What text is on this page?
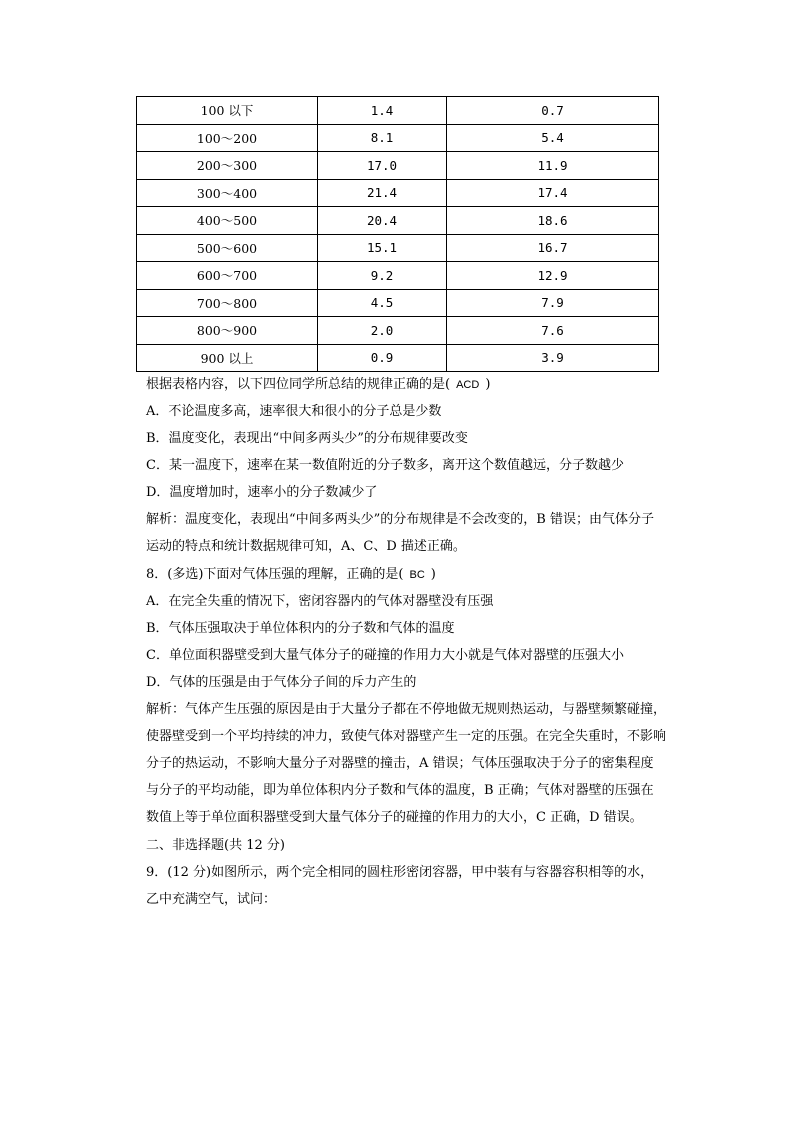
100 以下	1.4	0.7
100～200	8.1	5.4
200～300	17.0	11.9
300～400	21.4	17.4
400～500	20.4	18.6
500～600	15.1	16.7
600～700	9.2	12.9
700～800	4.5	7.9
800～900	2.0	7.6
900 以上	0.9	3.9
根据表格内容，以下四位同学所总结的规律正确的是( ACD )
A．不论温度多高，速率很大和很小的分子总是少数
B．温度变化，表现出“中间多两头少”的分布规律要改变
C．某一温度下，速率在某一数值附近的分子数多，离开这个数值越远，分子数越少
D．温度增加时，速率小的分子数减少了
解析：温度变化，表现出“中间多两头少”的分布规律是不会改变的，B 错误；由气体分子运动的特点和统计数据规律可知，A、C、D 描述正确。
8．(多选)下面对气体压强的理解，正确的是( BC )
A．在完全失重的情况下，密闭容器内的气体对器壁没有压强
B．气体压强取决于单位体积内的分子数和气体的温度
C．单位面积器壁受到大量气体分子的碰撞的作用力大小就是气体对器壁的压强大小
D．气体的压强是由于气体分子间的斥力产生的
解析：气体产生压强的原因是由于大量分子都在不停地做无规则热运动，与器壁频繁碰撞，使器壁受到一个平均持续的冲力，致使气体对器壁产生一定的压强。在完全失重时，不影响分子的热运动，不影响大量分子对器壁的撞击，A 错误；气体压强取决于分子的密集程度与分子的平均动能，即为单位体积内分子数和气体的温度，B 正确；气体对器壁的压强在数值上等于单位面积器壁受到大量气体分子的碰撞的作用力的大小，C 正确，D 错误。
二、非选择题(共 12 分)
9．(12 分)如图所示，两个完全相同的圆柱形密闭容器，甲中装有与容器容积相等的水，乙中充满空气，试问：
